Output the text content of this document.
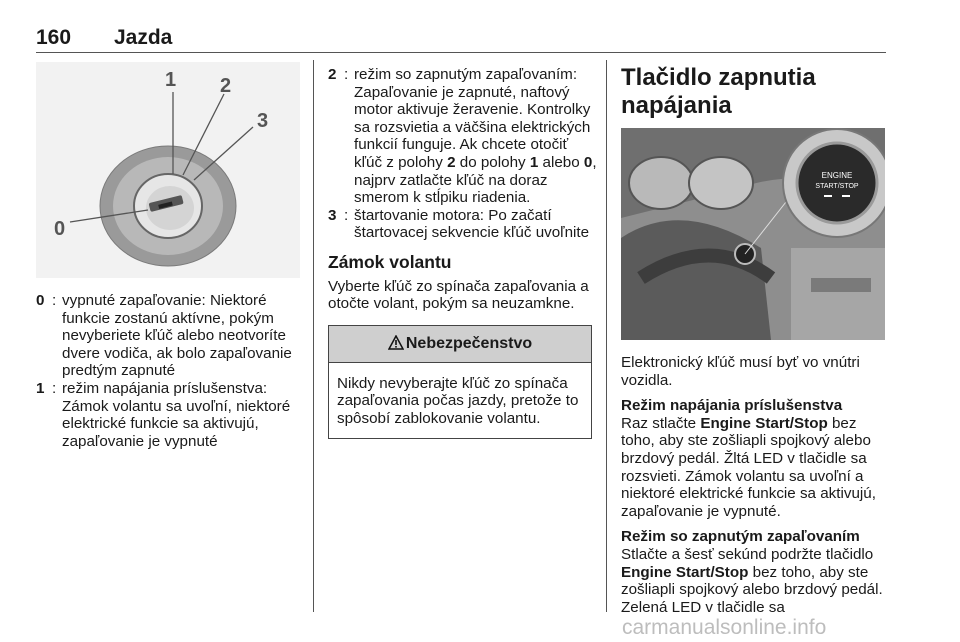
160 Jazda
1 2
3
0
0 : vypnuté zapaľovanie: Niektoré funkcie zostanú aktívne, pokým nevyberiete kľúč alebo neotvoríte dvere vodiča, ak bolo zapaľovanie predtým zapnuté
1 : režim napájania príslušenstva: Zámok volantu sa uvoľní, niektoré elektrické funkcie sa aktivujú, zapaľovanie je vypnuté
2 : režim so zapnutým zapaľovaním: Zapaľovanie je zapnuté, naftový motor aktivuje žeravenie. Kontrolky sa rozsvietia a väčšina elektrických funkcií funguje. Ak chcete otočiť kľúč z polohy 2 do polohy 1 alebo 0, najprv zatlačte kľúč na doraz smerom k stĺpiku riadenia.
3 : štartovanie motora: Po začatí štartovacej sekvencie kľúč uvoľnite
Zámok volantu
Vyberte kľúč zo spínača zapaľovania a otočte volant, pokým sa neuzamkne.
Nebezpečenstvo
Nikdy nevyberajte kľúč zo spínača zapaľovania počas jazdy, pretože to spôsobí zablokovanie volantu.
Tlačidlo zapnutia napájania
ENGINE
START/STOP
Elektronický kľúč musí byť vo vnútri vozidla.
Režim napájania príslušenstva
Raz stlačte Engine Start/Stop bez toho, aby ste zošliapli spojkový alebo brzdový pedál. Žltá LED v tlačidle sa rozsvieti. Zámok volantu sa uvoľní a niektoré elektrické funkcie sa aktivujú, zapaľovanie je vypnuté.
Režim so zapnutým zapaľovaním
Stlačte a šesť sekúnd podržte tlačidlo Engine Start/Stop bez toho, aby ste zošliapli spojkový alebo brzdový pedál. Zelená LED v tlačidle sa
carmanualsonline.info
